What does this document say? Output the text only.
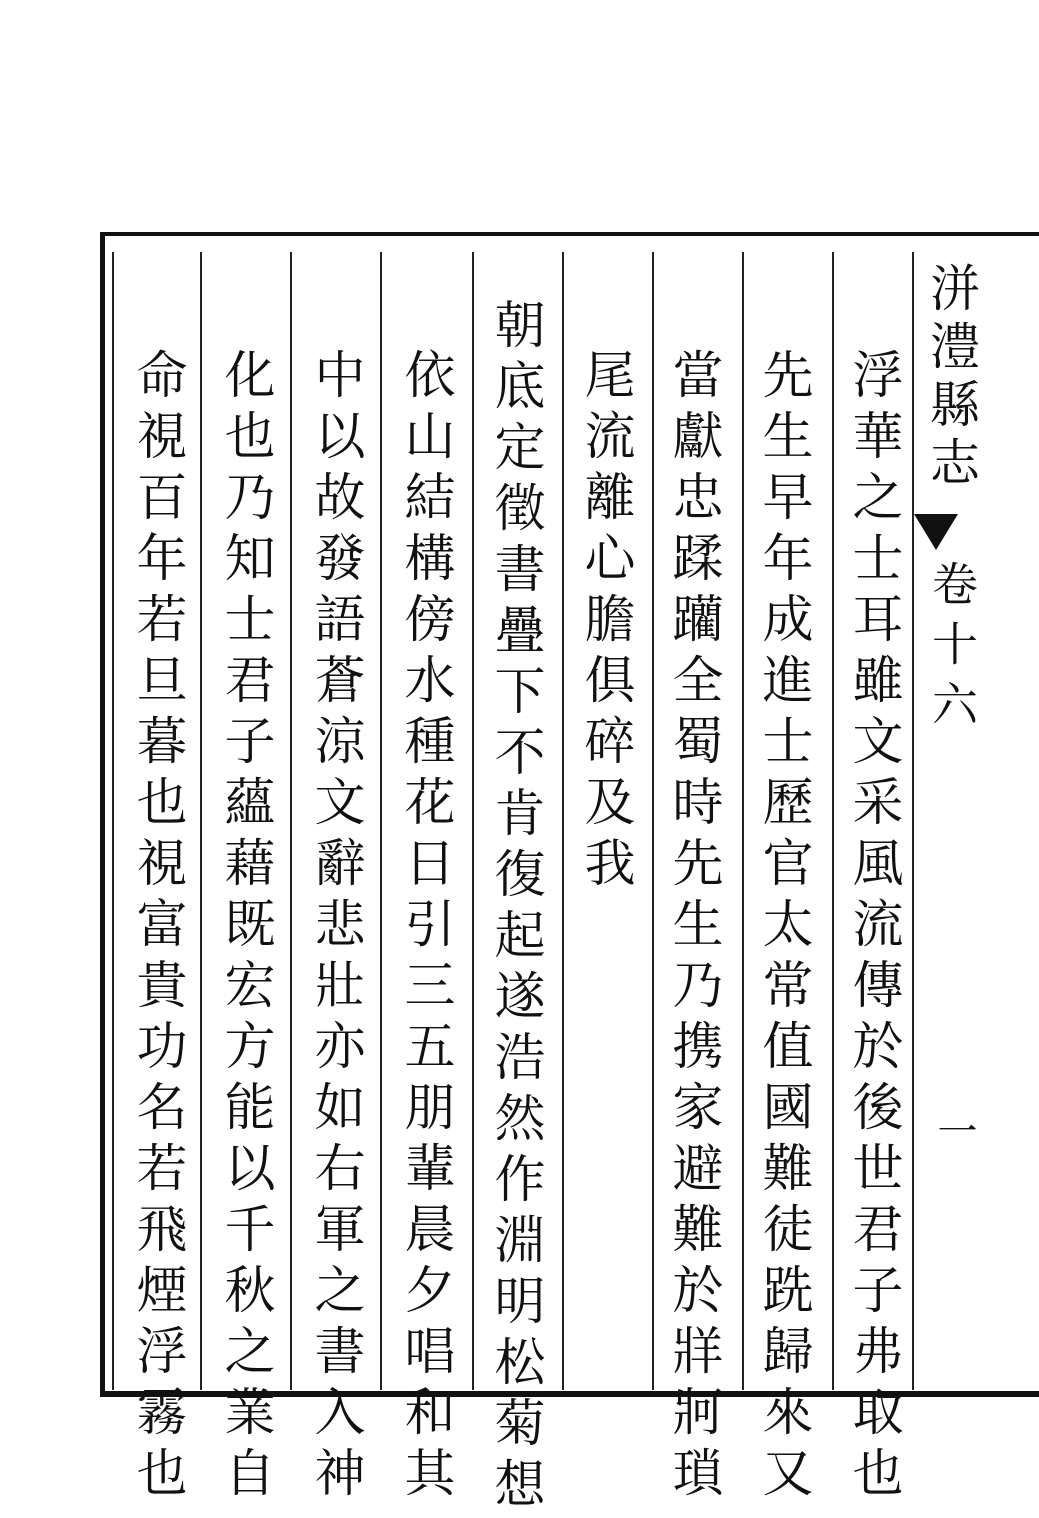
洴澧縣志
卷十六
一
浮華之士耳雖文采風流傳於後世君子弗取也
先生早年成進士歷官太常值國難徒跣歸來又
當獻忠蹂躪全蜀時先生乃携家避難於牂牁瑣
尾流離心膽俱碎及我
朝底定徵書疊下不肯復起遂浩然作淵明松菊想
依山結構傍水種花日引三五朋輩晨夕唱和其
中以故發語蒼涼文辭悲壯亦如右軍之書入神
化也乃知士君子蘊藉既宏方能以千秋之業自
命視百年若旦暮也視富貴功名若飛煙浮霧也
